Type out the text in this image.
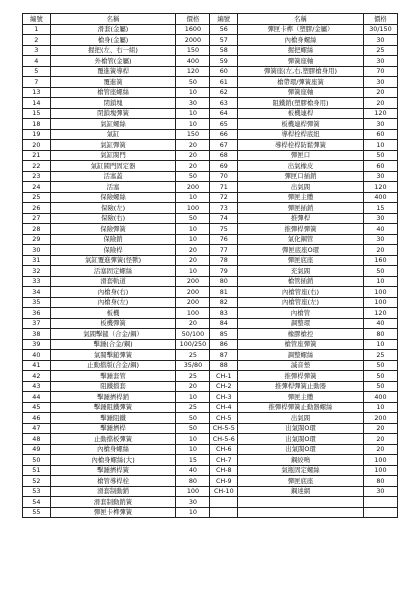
編號	名稱	價格	編號	名稱	價格
1	滑套(金屬)	1600	56	彈匣卡榫（塑膠/金屬）	30/150
2	槍身(金屬)	2000	57	內槍身螺絲	30
3	握把(左、右一組)	150	58	握把螺絲	25
4	外槍管(金屬)	400	59	彈簧座軸	30
5	覆進簧導桿	120	60	彈簧座(左,右,塑膠槍身用)	70
7	覆進簧	50	61	槍帶環/彈簧座簧	30
13	槍管座螺絲	10	62	彈簧座軸	20
14	閉鎖塊	30	63	阻鐵銷(塑膠槍身用)	20
15	閉鎖塊彈簧	10	64	板機連桿	120
18	氣缸螺絲	10	65	板機連桿彈簧	30
19	氣缸	150	66	導桿栓桿底紐	60
20	氣缸彈簧	20	67	導桿栓桿防鬆彈簧	10
21	氣缸閥門	20	68	彈匣口	50
22	氣缸閥門固定器	20	69	出氣橡皮	60
23	活塞蓋	50	70	彈匣口插銷	30
24	活塞	200	71	出氣閥	120
25	保險螺絲	10	72	彈匣主體	400
26	保險(左)	100	73	彈匣插銷	15
27	保險(右)	50	74	推彈桿	30
28	保險彈簧	10	75	推彈桿彈簧	40
29	保險銷	10	76	氣化鋼管	30
30	保險桿	20	77	彈匣底座O環	20
31	氣缸覆進彈簧(怪獸)	20	78	彈匣底座	160
32	活塞固定螺絲	10	79	充氣閥	50
33	滑套軌道	200	80	槍管插銷	10
34	內槍身(右)	200	81	內槍管座(右)	100
35	內槍身(左)	200	82	內槍管座(左)	100
36	板機	100	83	內槍管	120
37	板機彈簧	20	84	調整環	40
38	氣閥擊鎚（合金/鋼）	50/100	85	橡膠槍控	80
39	擊錘(合金/鋼)	100/250	86	槍管座彈簧	10
40	氣閥擊鎚彈簧	25	87	調整螺絲	25
41	止動擋版(合金/鋼)	35/80	88	滅音墊	50
42	擊錘套管	25	CH-1	推彈桿彈簧	50
43	阻鐵擋套	20	CH-2	推彈桿彈簧止動器	50
44	擊錘擠桿銷	10	CH-3	彈匣主體	400
45	擊錘阻鐵彈簧	25	CH-4	推彈桿彈簧止動器螺絲	10
46	擊錘阻鐵	50	CH-5	出氣閥	200
47	擊錘擠桿	50	CH-5-5	出氣閥O環	20
48	止動擋板彈簧	10	CH-5-6	出氣閥O環	20
49	內槍身螺絲	10	CH-6	出氣閥O環	20
50	內槍身螺絲(大)	15	CH-7	鋼絞鳴	100
51	擊錘擠桿簧	40	CH-8	氣瓶固定螺絲	100
52	槍管導桿栓	80	CH-9	彈匣底座	80
53	滑套制動銷	100	CH-10	鋼達網	30
54	滑套制動銷簧	30			
55	彈匣卡榫彈簧	10			
